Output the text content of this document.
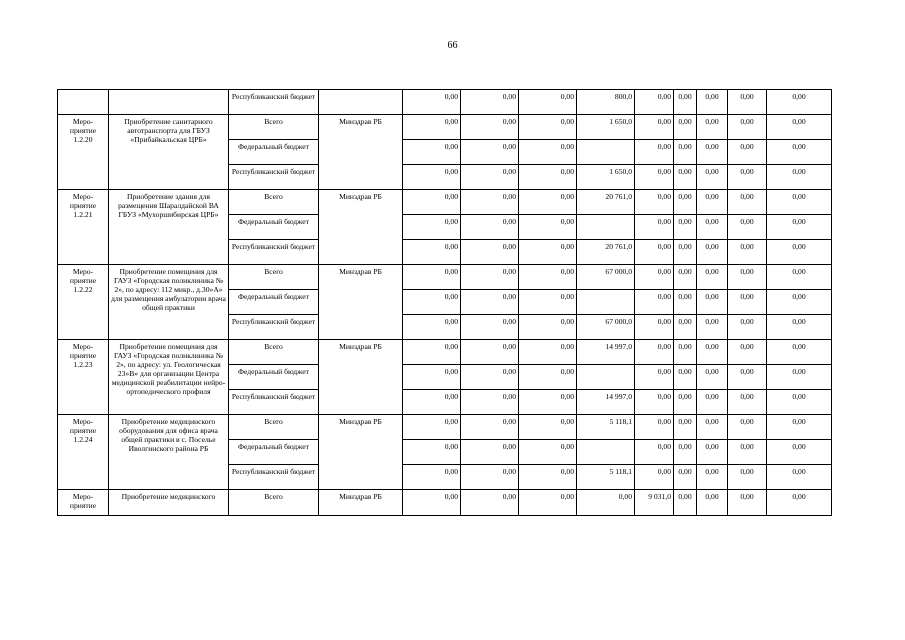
66
		Республиканский бюджет		0,00	0,00	0,00	800,0	0,00	0,00	0,00	0,00	0,00
Меро-приятие 1.2.20	Приобретение санитарного автотранспорта для ГБУЗ «Прибайкальская ЦРБ»	Всего	Минздрав РБ	0,00	0,00	0,00	1 650,0	0,00	0,00	0,00	0,00	0,00
		Федеральный бюджет		0,00	0,00	0,00		0,00	0,00	0,00	0,00	0,00
		Республиканский бюджет		0,00	0,00	0,00	1 650,0	0,00	0,00	0,00	0,00	0,00
Меро-приятие 1.2.21	Приобретение здания для размещения Шаралдайской ВА ГБУЗ «Мухоршибирская ЦРБ»	Всего	Минздрав РБ	0,00	0,00	0,00	20 761,0	0,00	0,00	0,00	0,00	0,00
		Федеральный бюджет		0,00	0,00	0,00		0,00	0,00	0,00	0,00	0,00
		Республиканский бюджет		0,00	0,00	0,00	20 761,0	0,00	0,00	0,00	0,00	0,00
Меро-приятие 1.2.22	Приобретение помещения для ГАУЗ «Городская поликлиника № 2», по адресу: 112 микр., д.30»А» для размещения амбулатории врача общей практики	Всего	Минздрав РБ	0,00	0,00	0,00	67 000,0	0,00	0,00	0,00	0,00	0,00
		Федеральный бюджет		0,00	0,00	0,00		0,00	0,00	0,00	0,00	0,00
		Республиканский бюджет		0,00	0,00	0,00	67 000,0	0,00	0,00	0,00	0,00	0,00
Меро-приятие 1.2.23	Приобретение помещения для ГАУЗ «Городская поликлиника № 2», по адресу: ул. Геологическая 23»В» для организации Центра медицинской реабилитации нейро-ортопедического профиля	Всего	Минздрав РБ	0,00	0,00	0,00	14 997,0	0,00	0,00	0,00	0,00	0,00
		Федеральный бюджет		0,00	0,00	0,00		0,00	0,00	0,00	0,00	0,00
		Республиканский бюджет		0,00	0,00	0,00	14 997,0	0,00	0,00	0,00	0,00	0,00
Меро-приятие 1.2.24	Приобретение медицинского оборудования для офиса врача общей практики в с. Поселье Иволгинского района РБ	Всего	Минздрав РБ	0,00	0,00	0,00	5 118,1	0,00	0,00	0,00	0,00	0,00
		Федеральный бюджет		0,00	0,00	0,00		0,00	0,00	0,00	0,00	0,00
		Республиканский бюджет		0,00	0,00	0,00	5 118,1	0,00	0,00	0,00	0,00	0,00
Меро-приятие	Приобретение медицинского	Всего	Минздрав РБ	0,00	0,00	0,00	0,00	9 031,0	0,00	0,00	0,00	0,00
